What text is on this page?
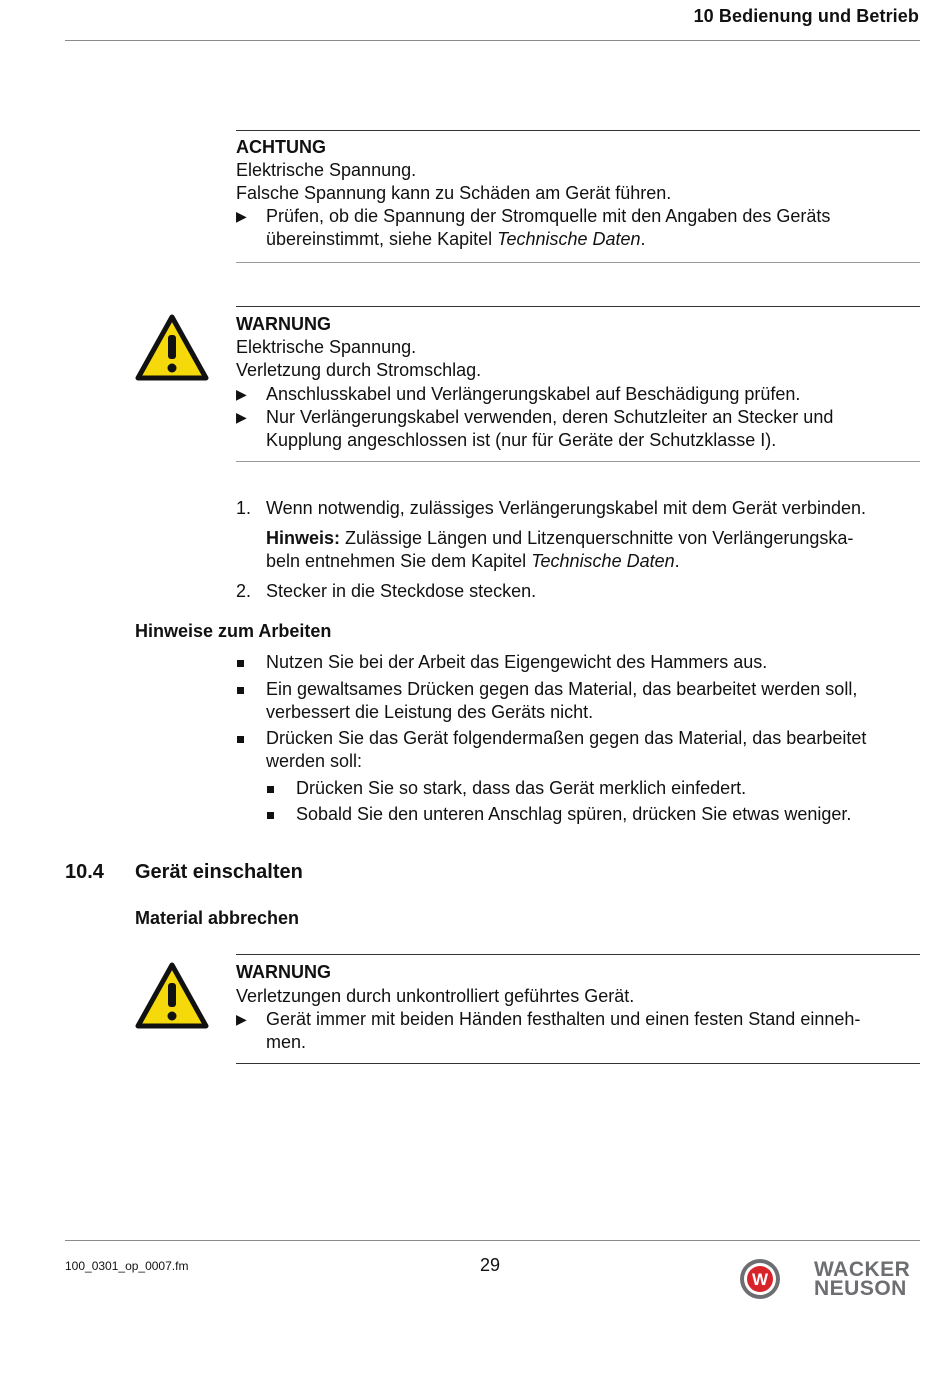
10 Bedienung und Betrieb
ACHTUNG
Elektrische Spannung.
Falsche Spannung kann zu Schäden am Gerät führen.
▶ Prüfen, ob die Spannung der Stromquelle mit den Angaben des Geräts
übereinstimmt, siehe Kapitel Technische Daten.
WARNUNG
Elektrische Spannung.
Verletzung durch Stromschlag.
▶ Anschlusskabel und Verlängerungskabel auf Beschädigung prüfen.
▶ Nur Verlängerungskabel verwenden, deren Schutzleiter an Stecker und
Kupplung angeschlossen ist (nur für Geräte der Schutzklasse I).
1. Wenn notwendig, zulässiges Verlängerungskabel mit dem Gerät verbinden.
Hinweis: Zulässige Längen und Litzenquerschnitte von Verlängerungska-
beln entnehmen Sie dem Kapitel Technische Daten.
2. Stecker in die Steckdose stecken.
Hinweise zum Arbeiten
Nutzen Sie bei der Arbeit das Eigengewicht des Hammers aus.
Ein gewaltsames Drücken gegen das Material, das bearbeitet werden soll,
verbessert die Leistung des Geräts nicht.
Drücken Sie das Gerät folgendermaßen gegen das Material, das bearbeitet
werden soll:
Drücken Sie so stark, dass das Gerät merklich einfedert.
Sobald Sie den unteren Anschlag spüren, drücken Sie etwas weniger.
10.4 Gerät einschalten
Material abbrechen
WARNUNG
Verletzungen durch unkontrolliert geführtes Gerät.
▶ Gerät immer mit beiden Händen festhalten und einen festen Stand einneh-
men.
100_0301_op_0007.fm	29
W WACKER
NEUSON
